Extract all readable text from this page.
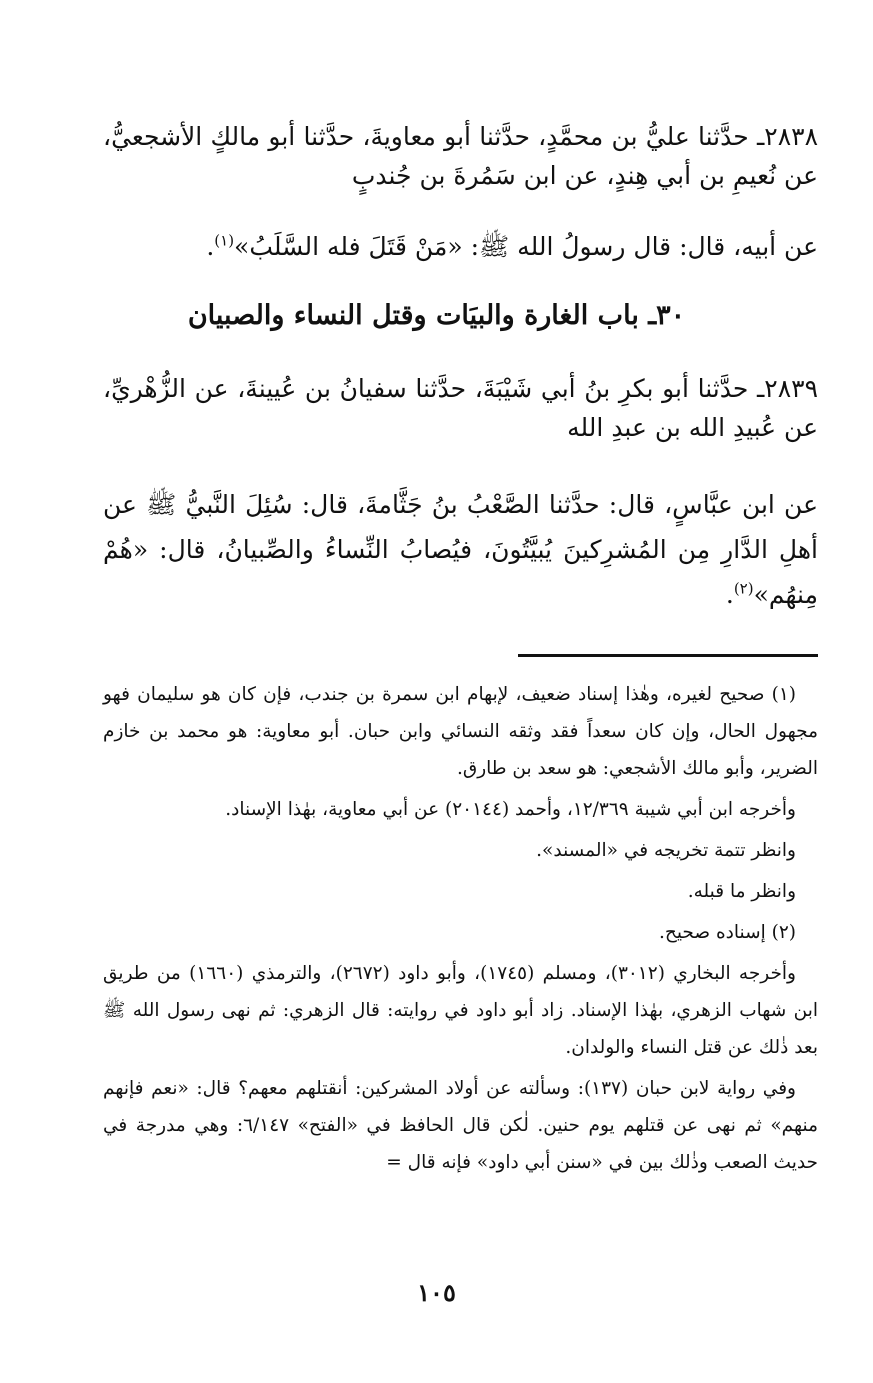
٢٨٣٨ـ حدَّثنا عليُّ بن محمَّدٍ، حدَّثنا أبو معاويةَ، حدَّثنا أبو مالكٍ الأشجعيُّ، عن نُعيمِ بن أبي هِندٍ، عن ابن سَمُرةَ بن جُندبٍ

عن أبيه، قال: قال رسولُ الله ﷺ: «مَنْ قَتَلَ فله السَّلَبُ»$^{(١)}$.

٣٠ـ باب الغارة والبيَات وقتل النساء والصبيان

٢٨٣٩ـ حدَّثنا أبو بكرِ بنُ أبي شَيْبَةَ، حدَّثنا سفيانُ بن عُيينةَ، عن الزُّهْريِّ، عن عُبيدِ الله بن عبدِ الله

عن ابن عبَّاسٍ، قال: حدَّثنا الصَّعْبُ بنُ جَثَّامةَ، قال: سُئِلَ النَّبيُّ ﷺ عن أهلِ الدَّارِ مِن المُشرِكينَ يُبيَّتُونَ، فيُصابُ النِّساءُ والصِّبيانُ، قال: «هُمْ مِنهُم»$^{(٢)}$.

(١) صحيح لغيره، وهٰذا إسناد ضعيف، لإبهام ابن سمرة بن جندب، فإن كان هو سليمان فهو مجهول الحال، وإن كان سعداً فقد وثقه النسائي وابن حبان. أبو معاوية: هو محمد بن خازم الضرير، وأبو مالك الأشجعي: هو سعد بن طارق.

وأخرجه ابن أبي شيبة ١٢/٣٦٩، وأحمد (٢٠١٤٤) عن أبي معاوية، بهٰذا الإسناد.

وانظر تتمة تخريجه في «المسند».

وانظر ما قبله.

(٢) إسناده صحيح.

وأخرجه البخاري (٣٠١٢)، ومسلم (١٧٤٥)، وأبو داود (٢٦٧٢)، والترمذي (١٦٦٠) من طريق ابن شهاب الزهري، بهٰذا الإسناد. زاد أبو داود في روايته: قال الزهري: ثم نهى رسول الله ﷺ بعد ذٰلك عن قتل النساء والولدان.

وفي رواية لابن حبان (١٣٧): وسألته عن أولاد المشركين: أنقتلهم معهم؟ قال: «نعم فإنهم منهم» ثم نهى عن قتلهم يوم حنين. لٰكن قال الحافظ في «الفتح» ٦/١٤٧: وهي مدرجة في حديث الصعب وذٰلك بين في «سنن أبي داود» فإنه قال =

١٠٥
